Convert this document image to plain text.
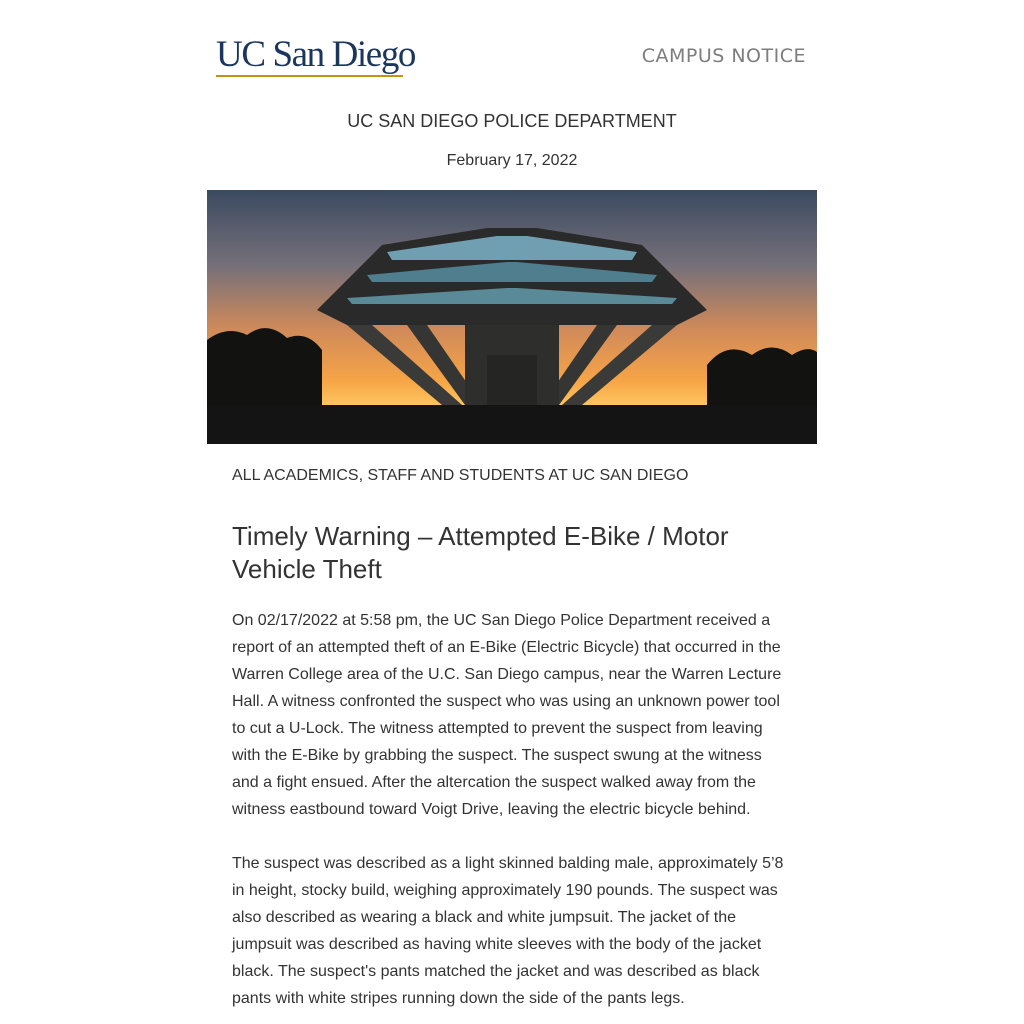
UC San Diego	CAMPUS NOTICE
UC SAN DIEGO POLICE DEPARTMENT
February 17, 2022
ALL ACADEMICS, STAFF AND STUDENTS AT UC SAN DIEGO
Timely Warning – Attempted E-Bike / Motor Vehicle Theft

On 02/17/2022 at 5:58 pm, the UC San Diego Police Department received a report of an attempted theft of an E-Bike (Electric Bicycle) that occurred in the Warren College area of the U.C. San Diego campus, near the Warren Lecture Hall. A witness confronted the suspect who was using an unknown power tool to cut a U-Lock. The witness attempted to prevent the suspect from leaving with the E-Bike by grabbing the suspect. The suspect swung at the witness and a fight ensued. After the altercation the suspect walked away from the witness eastbound toward Voigt Drive, leaving the electric bicycle behind.

The suspect was described as a light skinned balding male, approximately 5’8 in height, stocky build, weighing approximately 190 pounds. The suspect was also described as wearing a black and white jumpsuit. The jacket of the jumpsuit was described as having white sleeves with the body of the jacket black. The suspect's pants matched the jacket and was described as black pants with white stripes running down the side of the pants legs.
